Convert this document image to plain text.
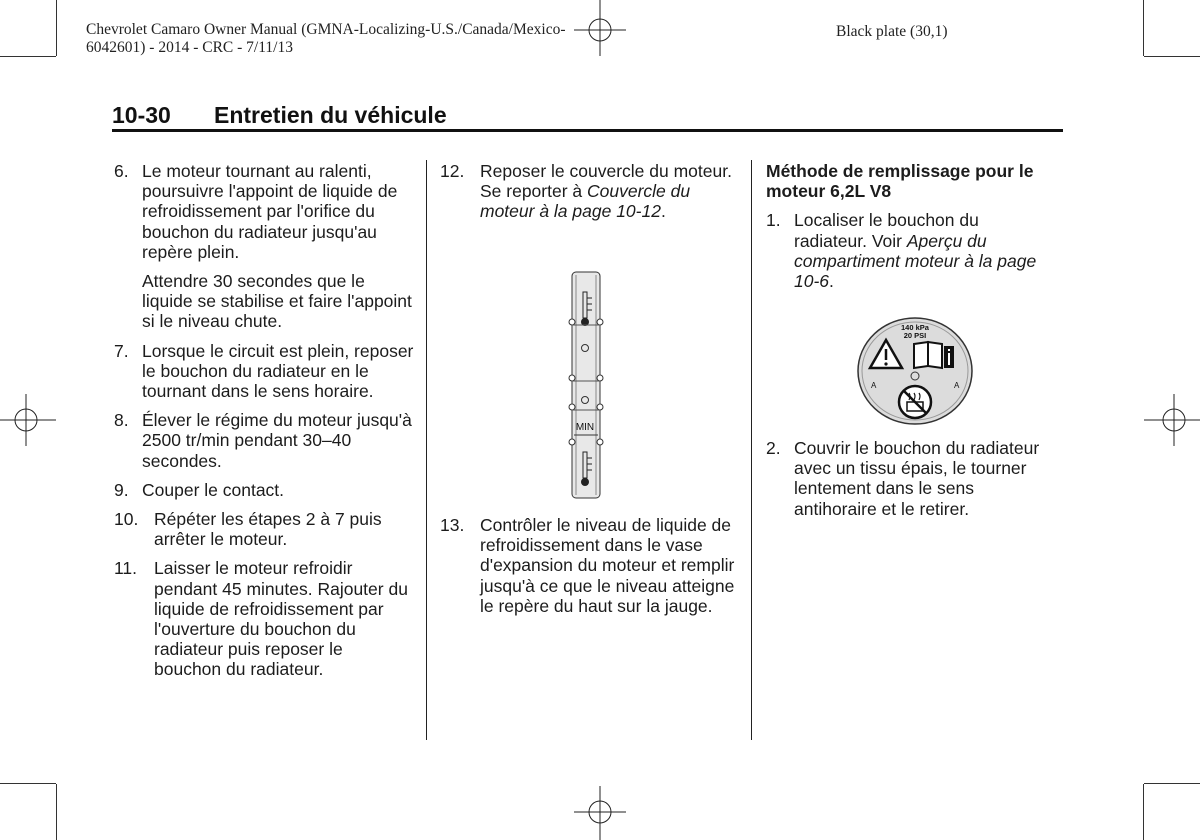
Chevrolet Camaro Owner Manual (GMNA-Localizing-U.S./Canada/Mexico-
6042601) - 2014 - CRC - 7/11/13
Black plate (30,1)
10-30 Entretien du véhicule
6. Le moteur tournant au ralenti, poursuivre l'appoint de liquide de refroidissement par l'orifice du bouchon du radiateur jusqu'au repère plein.
Attendre 30 secondes que le liquide se stabilise et faire l'appoint si le niveau chute.
7. Lorsque le circuit est plein, reposer le bouchon du radiateur en le tournant dans le sens horaire.
8. Élever le régime du moteur jusqu'à 2500 tr/min pendant 30–40 secondes.
9. Couper le contact.
10. Répéter les étapes 2 à 7 puis arrêter le moteur.
11. Laisser le moteur refroidir pendant 45 minutes. Rajouter du liquide de refroidissement par l'ouverture du bouchon du radiateur puis reposer le bouchon du radiateur.
12. Reposer le couvercle du moteur. Se reporter à Couvercle du moteur à la page 10-12.
MIN
13. Contrôler le niveau de liquide de refroidissement dans le vase d'expansion du moteur et remplir jusqu'à ce que le niveau atteigne le repère du haut sur la jauge.
Méthode de remplissage pour le moteur 6,2L V8
1. Localiser le bouchon du radiateur. Voir Aperçu du compartiment moteur à la page 10-6.
140 kPa
20 PSI
A	A
2. Couvrir le bouchon du radiateur avec un tissu épais, le tourner lentement dans le sens antihoraire et le retirer.
